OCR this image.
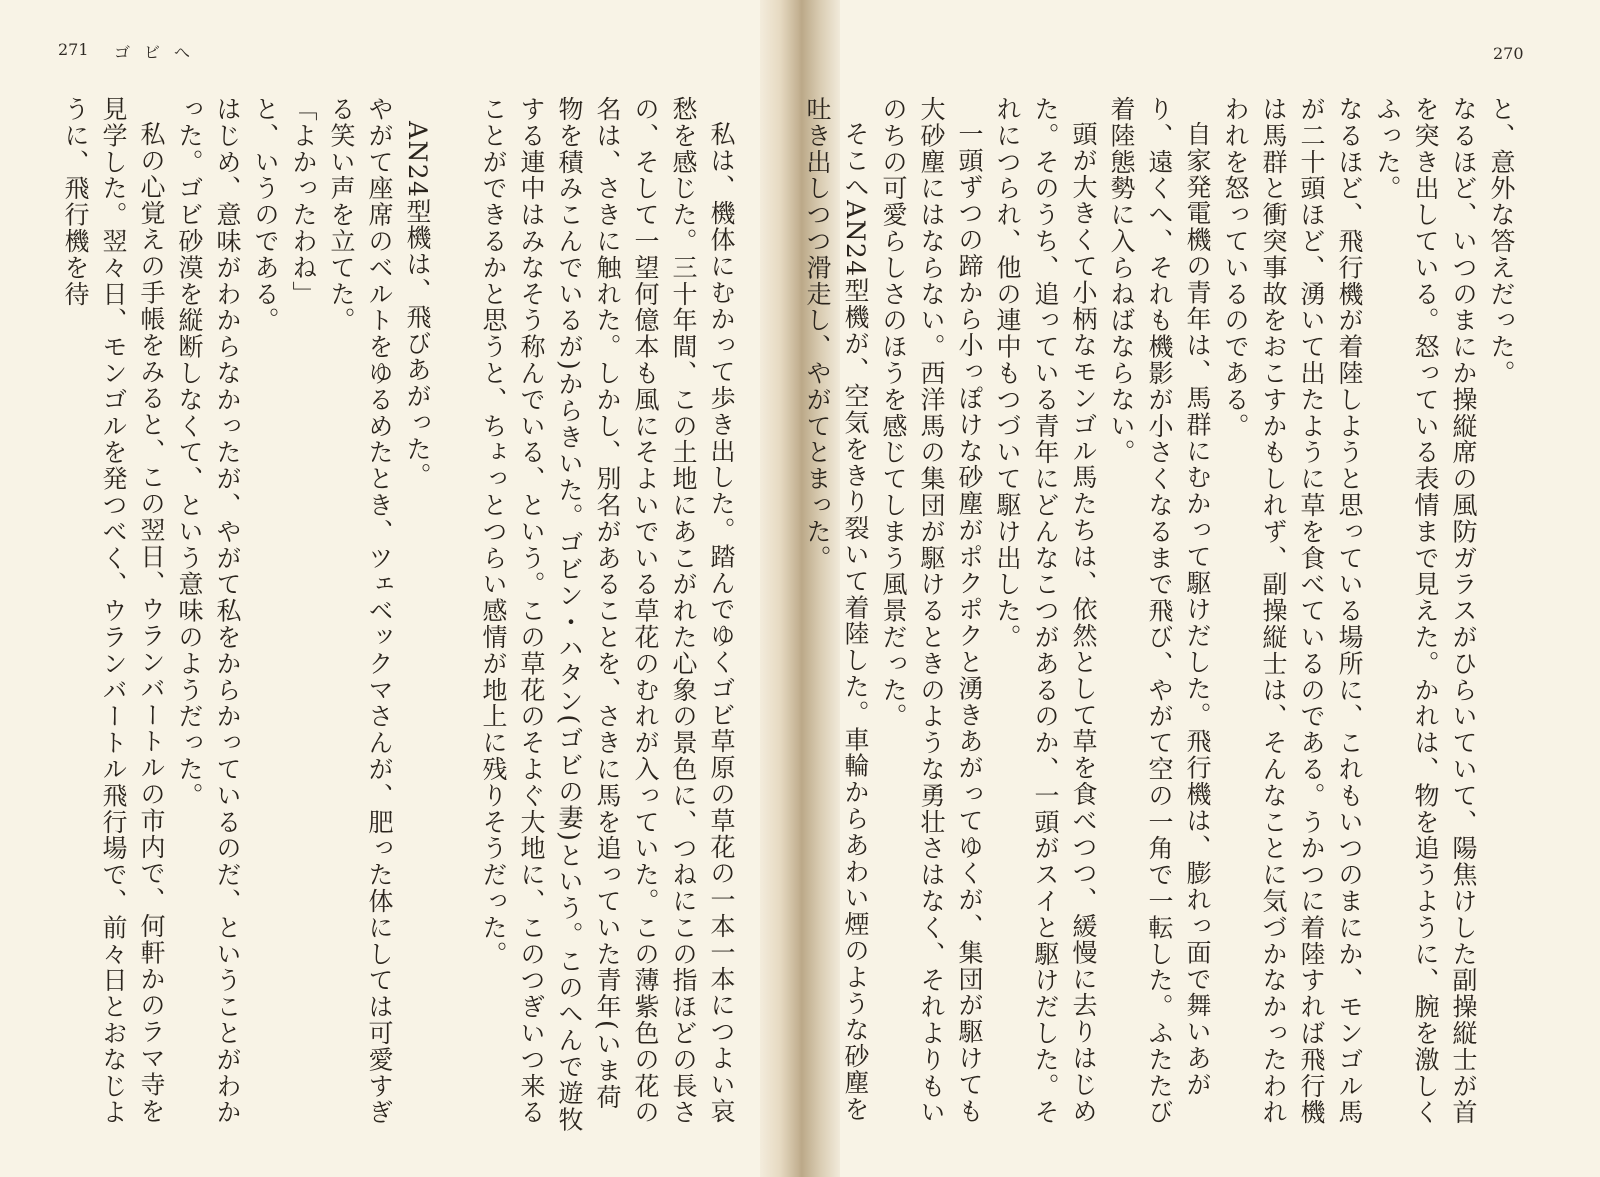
271 ゴビへ	270

と、意外な答えだった。

なるほど、いつのまにか操縦席の風防ガラスがひらいていて、陽焦けした副操縦士が首を突き出している。怒っている表情まで見えた。かれは、物を追うように、腕を激しくふった。

なるほど、飛行機が着陸しようと思っている場所に、これもいつのまにか、モンゴル馬が二十頭ほど、湧いて出たように草を食べているのである。うかつに着陸すれば飛行機は馬群と衝突事故をおこすかもしれず、副操縦士は、そんなことに気づかなかったわれわれを怒っているのである。

自家発電機の青年は、馬群にむかって駆けだした。飛行機は、膨れっ面で舞いあがり、遠くへ、それも機影が小さくなるまで飛び、やがて空の一角で一転した。ふたたび着陸態勢に入らねばならない。

頭が大きくて小柄なモンゴル馬たちは、依然として草を食べつつ、緩慢に去りはじめた。そのうち、追っている青年にどんなこつがあるのか、一頭がスイと駆けだした。それにつられ、他の連中もつづいて駆け出した。

一頭ずつの蹄から小っぽけな砂塵がポクポクと湧きあがってゆくが、集団が駆けても大砂塵にはならない。西洋馬の集団が駆けるときのような勇壮さはなく、それよりもいのちの可愛らしさのほうを感じてしまう風景だった。

そこへAN24型機が、空気をきり裂いて着陸した。車輪からあわい煙のような砂塵を吐き出しつつ滑走し、やがてとまった。

私は、機体にむかって歩き出した。踏んでゆくゴビ草原の草花の一本一本につよい哀愁を感じた。三十年間、この土地にあこがれた心象の景色に、つねにこの指ほどの長さの、そして一望何億本も風にそよいでいる草花のむれが入っていた。この薄紫色の花の名は、さきに触れた。しかし、別名があることを、さきに馬を追っていた青年(いま荷物を積みこんでいるが)からきいた。ゴビン・ハタン(ゴビの妻)という。このへんで遊牧する連中はみなそう称んでいる、という。この草花のそよぐ大地に、このつぎいつ来ることができるかと思うと、ちょっとつらい感情が地上に残りそうだった。

AN24型機は、飛びあがった。

やがて座席のベルトをゆるめたとき、ツェベックマさんが、肥った体にしては可愛すぎる笑い声を立てた。

「よかったわね」

と、いうのである。

はじめ、意味がわからなかったが、やがて私をからかっているのだ、ということがわかった。ゴビ砂漠を縦断しなくて、という意味のようだった。

私の心覚えの手帳をみると、この翌日、ウランバートルの市内で、何軒かのラマ寺を見学した。翌々日、モンゴルを発つべく、ウランバートル飛行場で、前々日とおなじように、飛行機を待
